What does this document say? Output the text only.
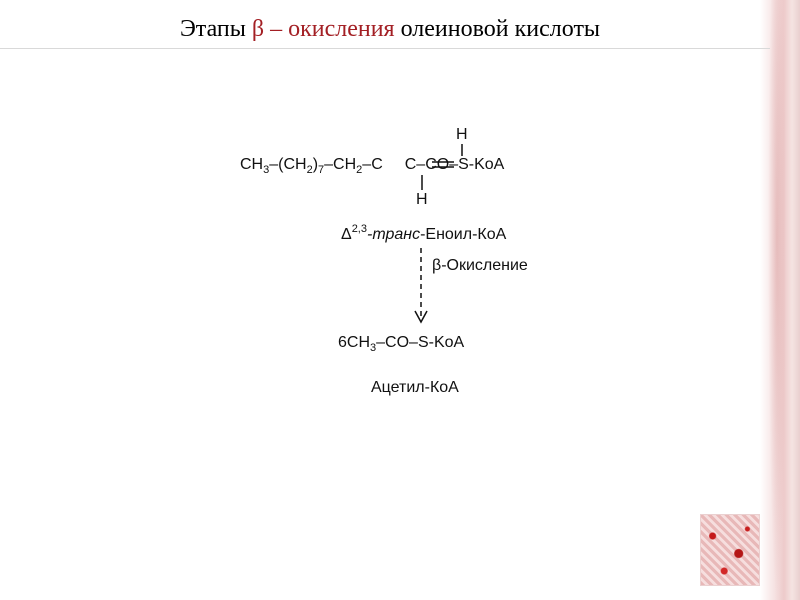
Этапы β – окисления олеиновой кислоты
H
$CH_3-(CH_2)_7-CH_2-C$ C–CO–S-KoA
H
Δ$^{2,3}$-транс-Еноил-КоА
β-Окисление
$6CH_3-CO-S$-KoA
Ацетил-КоА
